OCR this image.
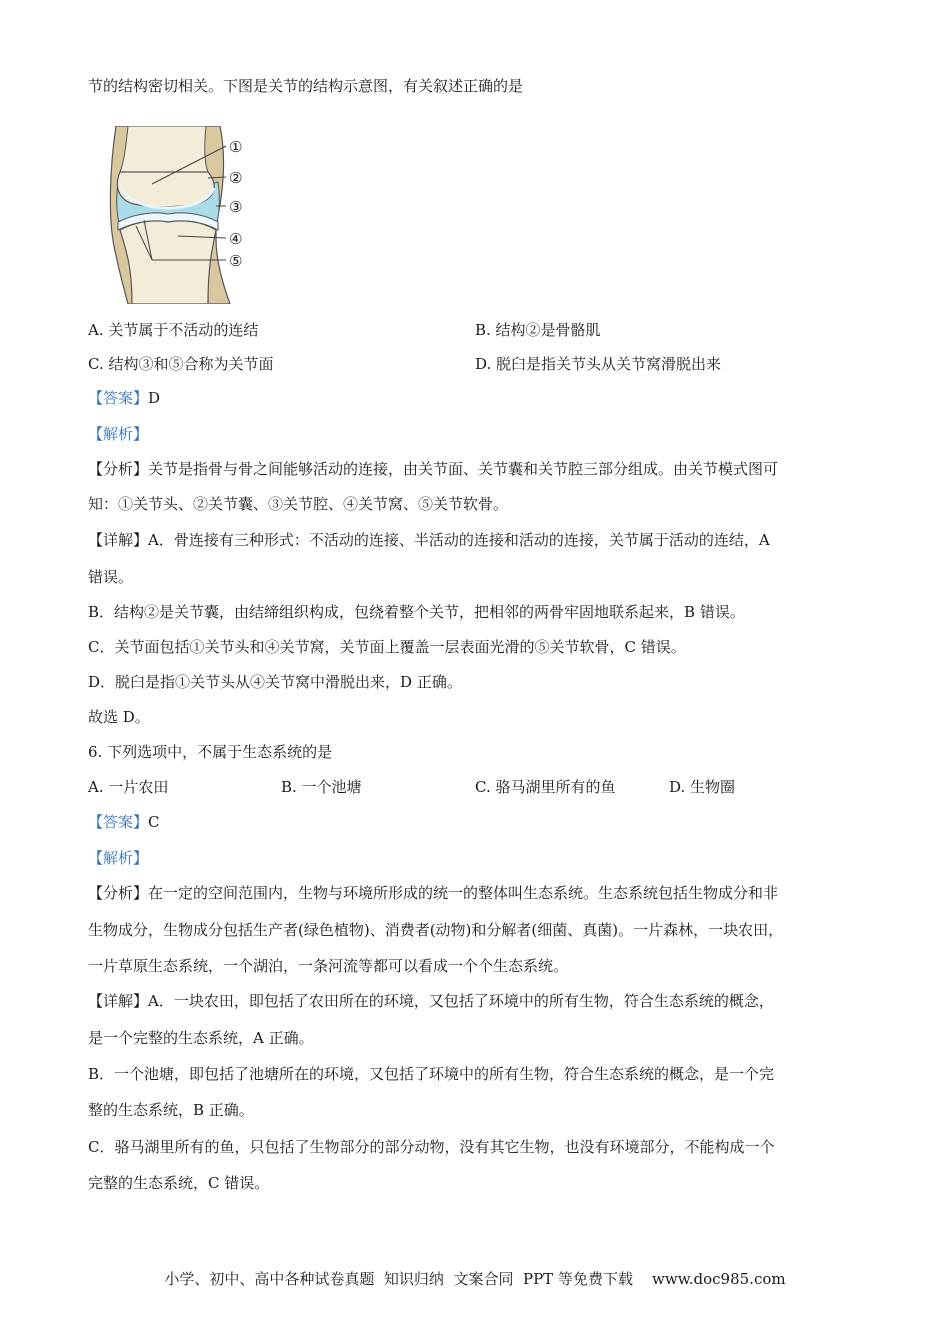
节的结构密切相关。下图是关节的结构示意图，有关叙述正确的是
①
②
③
④
⑤
A. 关节属于不活动的连结	B. 结构②是骨骼肌
C. 结构③和⑤合称为关节面	D. 脱臼是指关节头从关节窝滑脱出来
【答案】D
【解析】
【分析】关节是指骨与骨之间能够活动的连接，由关节面、关节囊和关节腔三部分组成。由关节模式图可
知：①关节头、②关节囊、③关节腔、④关节窝、⑤关节软骨。
【详解】A．骨连接有三种形式：不活动的连接、半活动的连接和活动的连接，关节属于活动的连结，A
错误。
B．结构②是关节囊，由结缔组织构成，包绕着整个关节，把相邻的两骨牢固地联系起来，B 错误。
C．关节面包括①关节头和④关节窝，关节面上覆盖一层表面光滑的⑤关节软骨，C 错误。
D．脱臼是指①关节头从④关节窝中滑脱出来，D 正确。
故选 D。
6. 下列选项中，不属于生态系统的是
A. 一片农田	B. 一个池塘	C. 骆马湖里所有的鱼	D. 生物圈
【答案】C
【解析】
【分析】在一定的空间范围内，生物与环境所形成的统一的整体叫生态系统。生态系统包括生物成分和非
生物成分，生物成分包括生产者(绿色植物)、消费者(动物)和分解者(细菌、真菌)。一片森林，一块农田，
一片草原生态系统，一个湖泊，一条河流等都可以看成一个个生态系统。
【详解】A．一块农田，即包括了农田所在的环境，又包括了环境中的所有生物，符合生态系统的概念，
是一个完整的生态系统，A 正确。
B．一个池塘，即包括了池塘所在的环境，又包括了环境中的所有生物，符合生态系统的概念，是一个完
整的生态系统，B 正确。
C．骆马湖里所有的鱼，只包括了生物部分的部分动物，没有其它生物，也没有环境部分，不能构成一个
完整的生态系统，C 错误。
小学、初中、高中各种试卷真题  知识归纳  文案合同  PPT 等免费下载    www.doc985.com
